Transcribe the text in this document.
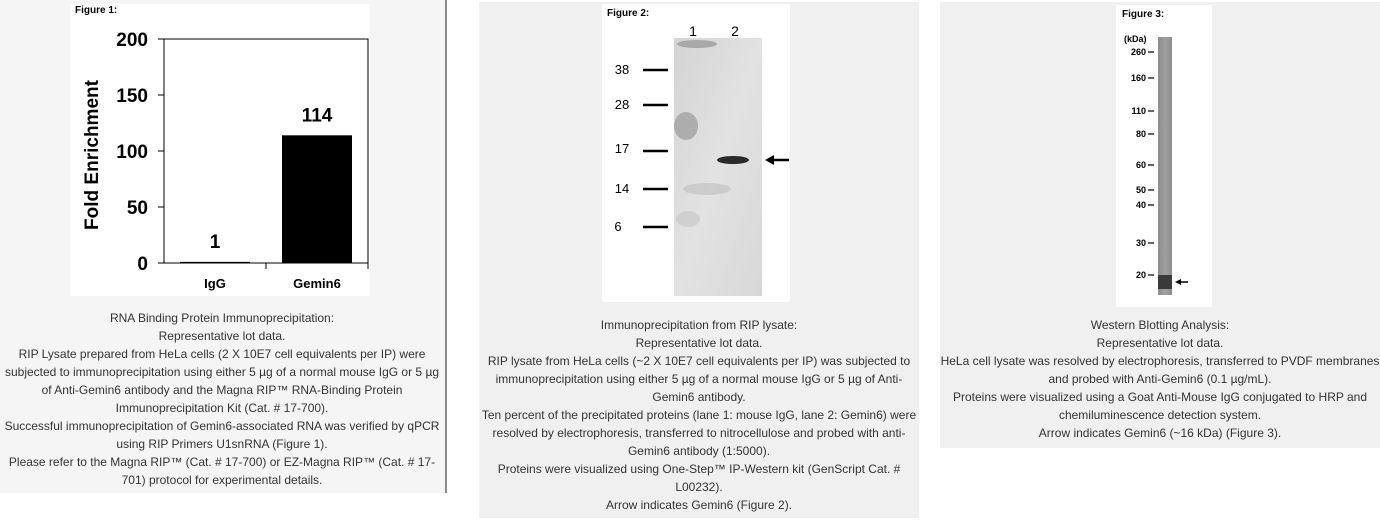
Figure 1:
0
50
100
150
200
IgG
1
Gemin6
114
Fold Enrichment
RNA Binding Protein Immunoprecipitation:
Representative lot data.
RIP Lysate prepared from HeLa cells (2 X 10E7 cell equivalents per IP) were subjected to immunoprecipitation using either 5 µg of a normal mouse IgG or 5 µg of Anti-Gemin6 antibody and the Magna RIP™ RNA-Binding Protein Immunoprecipitation Kit (Cat. # 17-700).
Successful immunoprecipitation of Gemin6-associated RNA was verified by qPCR using RIP Primers U1snRNA (Figure 1).
Please refer to the Magna RIP™ (Cat. # 17-700) or EZ-Magna RIP™ (Cat. # 17-701) protocol for experimental details.
Figure 2:
1 2
38
28
17
14
6
Immunoprecipitation from RIP lysate:
Representative lot data.
RIP lysate from HeLa cells (~2 X 10E7 cell equivalents per IP) was subjected to immunoprecipitation using either 5 µg of a normal mouse IgG or 5 µg of Anti-Gemin6 antibody.
Ten percent of the precipitated proteins (lane 1: mouse IgG, lane 2: Gemin6) were resolved by electrophoresis, transferred to nitrocellulose and probed with anti-Gemin6 antibody (1:5000).
Proteins were visualized using One-Step™ IP-Western kit (GenScript Cat. # L00232).
Arrow indicates Gemin6 (Figure 2).
Figure 3:
(kDa)
260
160
110
80
60
50
40
30
20
Western Blotting Analysis:
Representative lot data.
HeLa cell lysate was resolved by electrophoresis, transferred to PVDF membranes and probed with Anti-Gemin6 (0.1 µg/mL).
Proteins were visualized using a Goat Anti-Mouse IgG conjugated to HRP and chemiluminescence detection system.
Arrow indicates Gemin6 (~16 kDa) (Figure 3).
